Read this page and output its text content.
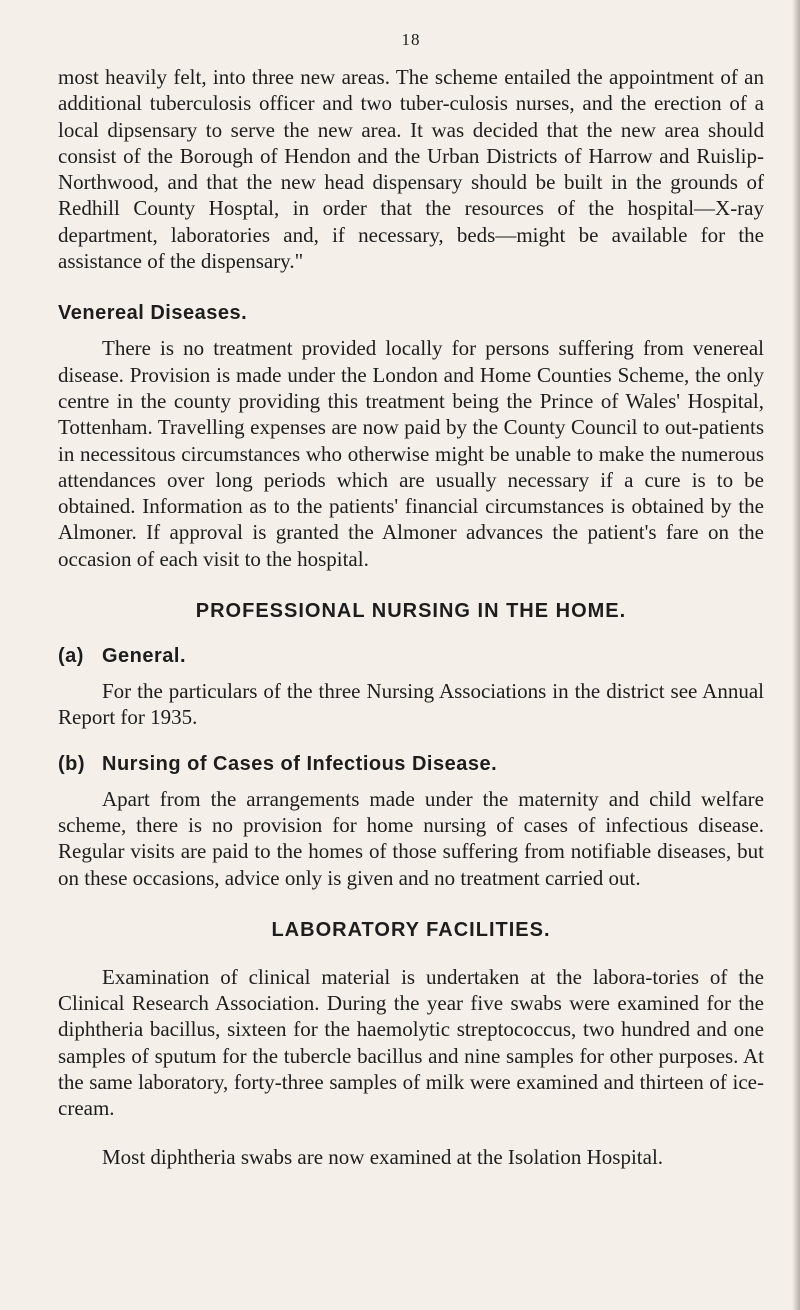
18

most heavily felt, into three new areas. The scheme entailed the appointment of an additional tuberculosis officer and two tuber-culosis nurses, and the erection of a local dipsensary to serve the new area. It was decided that the new area should consist of the Borough of Hendon and the Urban Districts of Harrow and Ruislip-Northwood, and that the new head dispensary should be built in the grounds of Redhill County Hosptal, in order that the resources of the hospital—X-ray department, laboratories and, if necessary, beds—might be available for the assistance of the dispensary."

Venereal Diseases.

There is no treatment provided locally for persons suffering from venereal disease. Provision is made under the London and Home Counties Scheme, the only centre in the county providing this treatment being the Prince of Wales' Hospital, Tottenham. Travelling expenses are now paid by the County Council to out-patients in necessitous circumstances who otherwise might be unable to make the numerous attendances over long periods which are usually necessary if a cure is to be obtained. Information as to the patients' financial circumstances is obtained by the Almoner. If approval is granted the Almoner advances the patient's fare on the occasion of each visit to the hospital.

PROFESSIONAL NURSING IN THE HOME.
(a) General.

For the particulars of the three Nursing Associations in the district see Annual Report for 1935.

(b) Nursing of Cases of Infectious Disease.

Apart from the arrangements made under the maternity and child welfare scheme, there is no provision for home nursing of cases of infectious disease. Regular visits are paid to the homes of those suffering from notifiable diseases, but on these occasions, advice only is given and no treatment carried out.

LABORATORY FACILITIES.

Examination of clinical material is undertaken at the labora-tories of the Clinical Research Association. During the year five swabs were examined for the diphtheria bacillus, sixteen for the haemolytic streptococcus, two hundred and one samples of sputum for the tubercle bacillus and nine samples for other purposes. At the same laboratory, forty-three samples of milk were examined and thirteen of ice-cream.

Most diphtheria swabs are now examined at the Isolation Hospital.
